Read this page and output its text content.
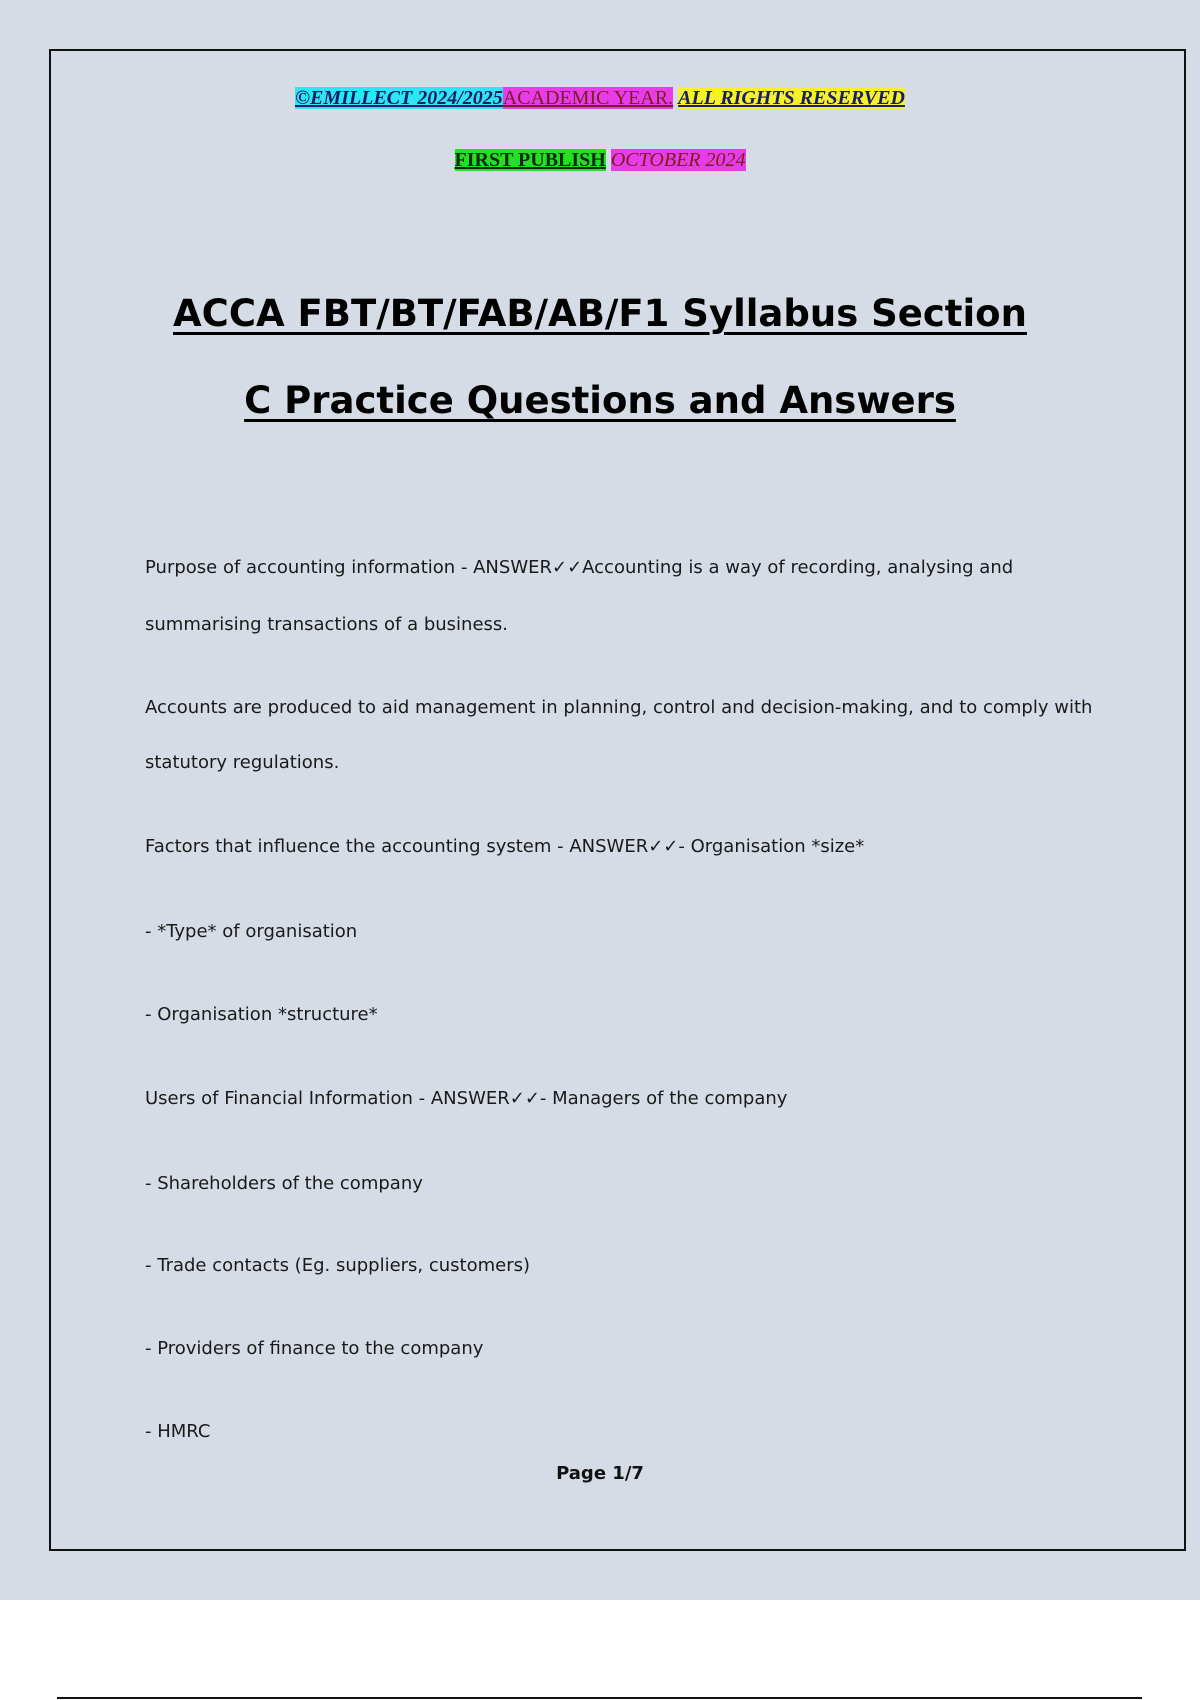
©EMILLECT 2024/2025ACADEMIC YEAR. ALL RIGHTS RESERVED
FIRST PUBLISH OCTOBER 2024
ACCA FBT/BT/FAB/AB/F1 Syllabus Section
C Practice Questions and Answers
Purpose of accounting information - ANSWER✓✓Accounting is a way of recording, analysing and
summarising transactions of a business.
Accounts are produced to aid management in planning, control and decision-making, and to comply with
statutory regulations.
Factors that influence the accounting system - ANSWER✓✓- Organisation *size*
- *Type* of organisation
- Organisation *structure*
Users of Financial Information - ANSWER✓✓- Managers of the company
- Shareholders of the company
- Trade contacts (Eg. suppliers, customers)
- Providers of finance to the company
- HMRC
Page 1/7
